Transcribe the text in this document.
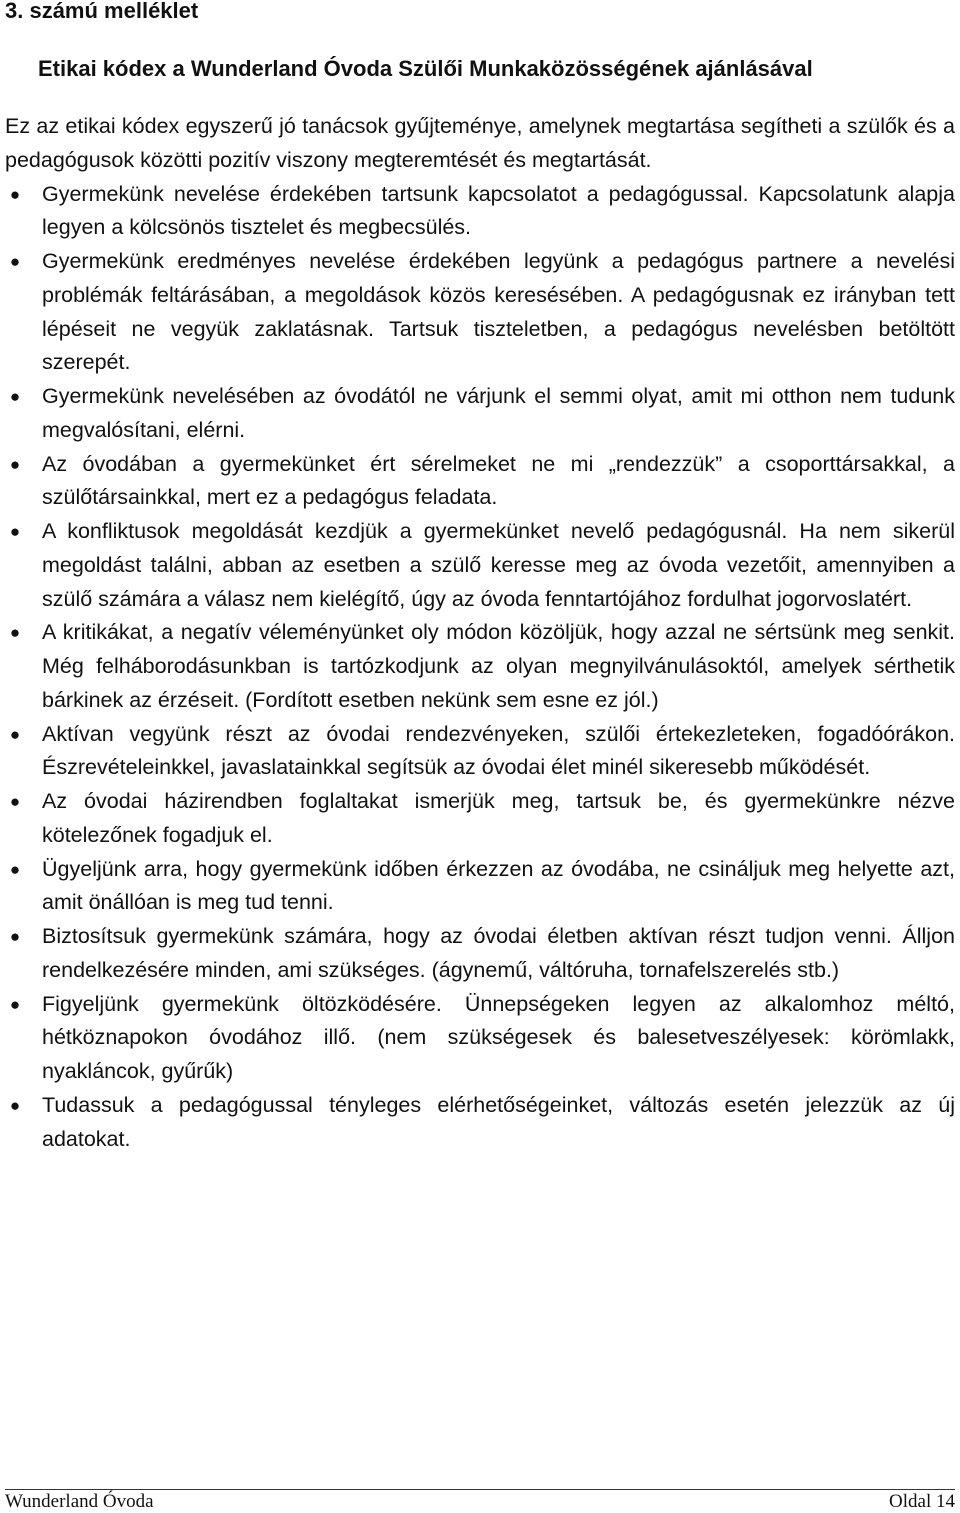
3. számú melléklet
Etikai kódex a Wunderland Óvoda Szülői Munkaközösségének ajánlásával

Ez az etikai kódex egyszerű jó tanácsok gyűjteménye, amelynek megtartása segítheti a szülők és a pedagógusok közötti pozitív viszony megteremtését és megtartását.

● Gyermekünk nevelése érdekében tartsunk kapcsolatot a pedagógussal. Kapcsolatunk alapja legyen a kölcsönös tisztelet és megbecsülés.
● Gyermekünk eredményes nevelése érdekében legyünk a pedagógus partnere a nevelési problémák feltárásában, a megoldások közös keresésében. A pedagógusnak ez irányban tett lépéseit ne vegyük zaklatásnak. Tartsuk tiszteletben, a pedagógus nevelésben betöltött szerepét.
● Gyermekünk nevelésében az óvodától ne várjunk el semmi olyat, amit mi otthon nem tudunk megvalósítani, elérni.
● Az óvodában a gyermekünket ért sérelmeket ne mi „rendezzük” a csoporttársakkal, a szülőtársainkkal, mert ez a pedagógus feladata.
● A konfliktusok megoldását kezdjük a gyermekünket nevelő pedagógusnál. Ha nem sikerül megoldást találni, abban az esetben a szülő keresse meg az óvoda vezetőit, amennyiben a szülő számára a válasz nem kielégítő, úgy az óvoda fenntartójához fordulhat jogorvoslatért.
● A kritikákat, a negatív véleményünket oly módon közöljük, hogy azzal ne sértsünk meg senkit. Még felháborodásunkban is tartózkodjunk az olyan megnyilvánulásoktól, amelyek sérthetik bárkinek az érzéseit. (Fordított esetben nekünk sem esne ez jól.)
● Aktívan vegyünk részt az óvodai rendezvényeken, szülői értekezleteken, fogadóórákon. Észrevételeinkkel, javaslatainkkal segítsük az óvodai élet minél sikeresebb működését.
● Az óvodai házirendben foglaltakat ismerjük meg, tartsuk be, és gyermekünkre nézve kötelezőnek fogadjuk el.
● Ügyeljünk arra, hogy gyermekünk időben érkezzen az óvodába, ne csináljuk meg helyette azt, amit önállóan is meg tud tenni.
● Biztosítsuk gyermekünk számára, hogy az óvodai életben aktívan részt tudjon venni. Álljon rendelkezésére minden, ami szükséges. (ágynemű, váltóruha, tornafelszerelés stb.)
● Figyeljünk gyermekünk öltözködésére. Ünnepségeken legyen az alkalomhoz méltó, hétköznapokon óvodához illő. (nem szükségesek és balesetveszélyesek: körömlakk, nyakláncok, gyűrűk)
● Tudassuk a pedagógussal tényleges elérhetőségeinket, változás esetén jelezzük az új adatokat.
Wunderland Óvoda	Oldal 14
